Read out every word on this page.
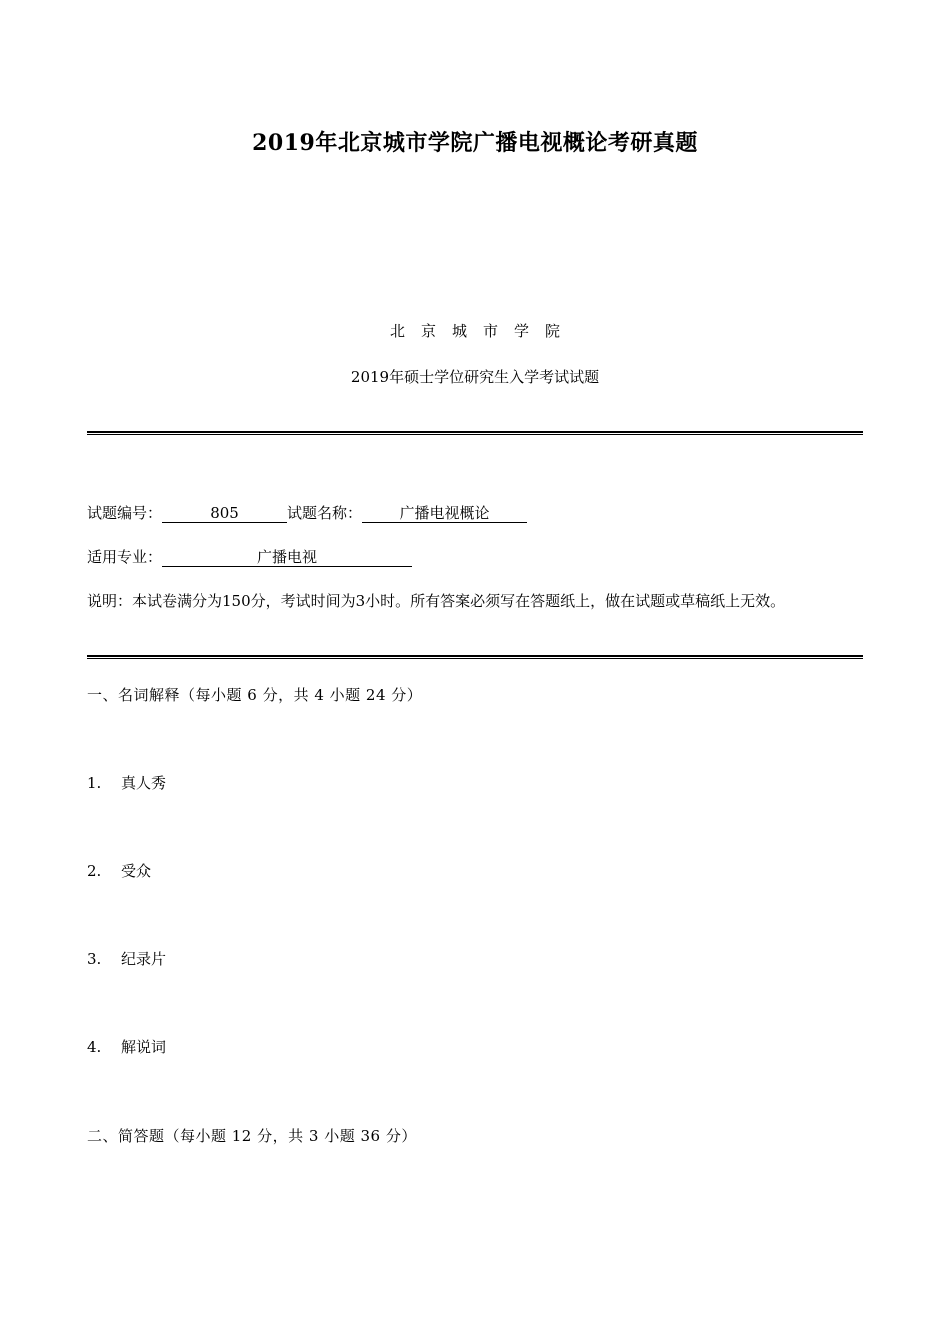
2019年北京城市学院广播电视概论考研真题
北京城市学院
2019年硕士学位研究生入学考试试题
试题编号：	805	试题名称： 广播电视概论
适用专业：	广播电视
说明：本试卷满分为150分，考试时间为3小时。所有答案必须写在答题纸上，做在试题或草稿纸上无效。
一、名词解释（每小题 6 分，共 4 小题 24 分）
1. 真人秀
2. 受众
3. 纪录片
4. 解说词
二、简答题（每小题 12 分，共 3 小题 36 分）
